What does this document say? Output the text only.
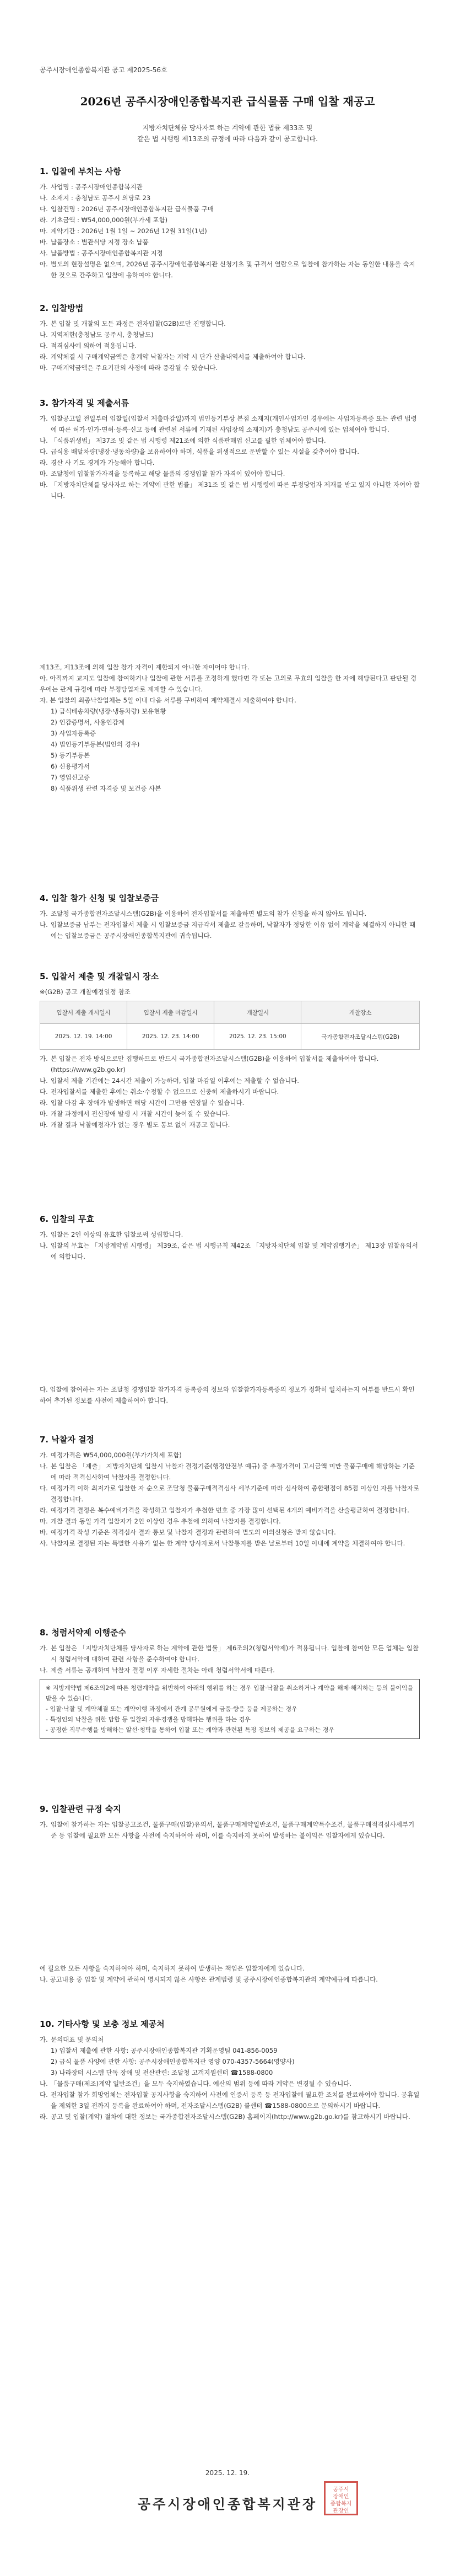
공주시장애인종합복지관 공고 제2025-56호
2026년 공주시장애인종합복지관 급식물품 구매 입찰 재공고
지방자치단체를 당사자로 하는 계약에 관한 법률 제33조 및
같은 법 시행령 제13조의 규정에 따라 다음과 같이 공고합니다.
1. 입찰에 부치는 사항
가. 사업명 : 공주시장애인종합복지관
나. 소재지 : 충청남도 공주시 의당로 23
다. 입찰건명 : 2026년 공주시장애인종합복지관 급식물품 구매
라. 기초금액 : ₩54,000,000원(부가세 포함)
마. 계약기간 : 2026년 1월 1일 ~ 2026년 12월 31일(1년)
바. 납품장소 : 별관식당 지정 장소 납품
사. 납품방법 : 공주시장애인종합복지관 지정
아. 별도의 현장설명은 없으며, 2026년 공주시장애인종합복지관 신청기초 및 규격서 열람으로 입찰에 참가하는 자는 동일한 내용을 숙지한 것으로 간주하고 입찰에 응하여야 합니다.
2. 입찰방법
가. 본 입찰 및 개찰의 모든 과정은 전자입찰(G2B)로만 진행합니다.
나. 지역제한(충청남도 공주시, 충청남도)
다. 적격심사에 의하여 적용됩니다.
라. 계약체결 시 구매계약금액은 총계약 낙찰자는 계약 시 단가 산출내역서를 제출하여야 합니다.
마. 구매계약금액은 주요기관의 사정에 따라 증감될 수 있습니다.
3. 참가자격 및 제출서류
가. 입찰공고일 전일부터 입찰일(입찰서 제출마감일)까지 법인등기부상 본점 소재지(개인사업자인 경우에는 사업자등록증 또는 관련 법령에 따른 허가·인가·면허·등록·신고 등에 관련된 서류에 기재된 사업장의 소재지)가 충청남도 공주시에 있는 업체여야 합니다.
나. 「식품위생법」 제37조 및 같은 법 시행령 제21조에 의한 식품판매업 신고를 필한 업체여야 합니다.
다. 급식용 배달차량(냉장·냉동차량)을 보유하여야 하며, 식품을 위생적으로 운반할 수 있는 시설을 갖추어야 합니다.
라. 경산 사 기도 경계가 가능해야 합니다.
마. 조달청에 입찰참가자격을 등록하고 해당 물품의 경쟁입찰 참가 자격이 있어야 합니다.
바. 「지방자치단체를 당사자로 하는 계약에 관한 법률」 제31조 및 같은 법 시행령에 따른 부정당업자 제재를 받고 있지 아니한 자여야 합니다.
제13조, 제13조에 의해 입찰 참가 자격이 제한되지 아니한 자이어야 합니다.
아. 아직까지 교지도 입찰에 참여하거나 입찰에 관한 서류를 조정하게 했다면 각 또는 고의로 무효의 입찰을 한 자에 해당된다고 판단될 경우에는 관계 규정에 따라 부정당업자로 제재할 수 있습니다.
자. 본 입찰의 최종낙찰업체는 5일 이내 다음 서류를 구비하여 계약체결시 제출하여야 합니다.
1) 급식배송차량(냉장·냉동차량) 보유현황
2) 인감증명서, 사용인감계
3) 사업자등록증
4) 법인등기부등본(법인의 경우)
5) 등기부등본
6) 신용평가서
7) 영업신고증
8) 식품위생 관련 자격증 및 보건증 사본
4. 입찰 참가 신청 및 입찰보증금
가. 조달청 국가종합전자조달시스템(G2B)을 이용하여 전자입찰서를 제출하면 별도의 참가 신청을 하지 않아도 됩니다.
나. 입찰보증금 납부는 전자입찰서 제출 시 입찰보증금 지급각서 제출로 갈음하며, 낙찰자가 정당한 이유 없이 계약을 체결하지 아니한 때에는 입찰보증금은 공주시장애인종합복지관에 귀속됩니다.
5. 입찰서 제출 및 개찰일시 장소
※(G2B) 공고 개찰예정일정 참조
입찰서 제출 개시일시	입찰서 제출 마감일시	개찰일시	개찰장소
2025. 12. 19. 14:00	2025. 12. 23. 14:00	2025. 12. 23. 15:00	국가종합전자조달시스템(G2B)
가. 본 입찰은 전자 방식으로만 집행하므로 반드시 국가종합전자조달시스템(G2B)을 이용하여 입찰서를 제출하여야 합니다. (https://www.g2b.go.kr)
나. 입찰서 제출 기간에는 24시간 제출이 가능하며, 입찰 마감일 이후에는 제출할 수 없습니다.
다. 전자입찰서를 제출한 후에는 취소·수정할 수 없으므로 신중히 제출하시기 바랍니다.
라. 입찰 마감 후 장애가 발생하면 해당 시간이 그만큼 연장될 수 있습니다.
마. 개찰 과정에서 전산장애 발생 시 개찰 시간이 늦어질 수 있습니다.
바. 개찰 결과 낙찰예정자가 없는 경우 별도 통보 없이 재공고 합니다.
6. 입찰의 무효
가. 입찰은 2인 이상의 유효한 입찰로써 성립합니다.
나. 입찰의 무효는 「지방계약법 시행령」 제39조, 같은 법 시행규칙 제42조 「지방자치단체 입찰 및 계약집행기준」 제13장 입찰유의서에 의합니다.
다. 입찰에 참여하는 자는 조달청 경쟁입찰 참가자격 등록증의 정보와 입찰참가자등록증의 정보가 정확히 일치하는지 여부를 반드시 확인하여 추가된 정보를 사전에 제출하여야 합니다.
7. 낙찰자 결정
가. 예정가격은 ₩54,000,000원(부가가치세 포함)
나. 본 입찰은 「제출」 지방자치단체 입찰시 낙찰자 결정기준(행정안전부 예규) 중 추정가격이 고시금액 미만 물품구매에 해당하는 기준에 따라 적격심사하여 낙찰자를 결정합니다.
다. 예정가격 이하 최저가로 입찰한 자 순으로 조달청 물품구매적격심사 세부기준에 따라 심사하여 종합평점이 85점 이상인 자를 낙찰자로 결정합니다.
라. 예정가격 결정은 복수예비가격을 작성하고 입찰자가 추첨한 번호 중 가장 많이 선택된 4개의 예비가격을 산술평균하여 결정합니다.
마. 개찰 결과 동일 가격 입찰자가 2인 이상인 경우 추첨에 의하여 낙찰자를 결정합니다.
바. 예정가격 작성 기준은 적격심사 결과 통보 및 낙찰자 결정과 관련하여 별도의 이의신청은 받지 않습니다.
사. 낙찰자로 결정된 자는 특별한 사유가 없는 한 계약 당사자로서 낙찰통지를 받은 날로부터 10일 이내에 계약을 체결하여야 합니다.
8. 청렴서약제 이행준수
가. 본 입찰은 「지방자치단체를 당사자로 하는 계약에 관한 법률」 제6조의2(청렴서약제)가 적용됩니다. 입찰에 참여한 모든 업체는 입찰 시 청렴서약에 대하여 관련 사항을 준수하여야 합니다.
나. 제출 서류는 공개하며 낙찰자 결정 이후 자세한 절차는 아래 청렴서약서에 따른다.
※ 지방계약법 제6조의2에 따른 청렴계약을 위반하여 아래의 행위를 하는 경우 입찰·낙찰을 취소하거나 계약을 해제·해지하는 등의 불이익을 받을 수 있습니다.
- 입찰·낙찰 및 계약체결 또는 계약이행 과정에서 관계 공무원에게 금품·향응 등을 제공하는 경우
- 특정인의 낙찰을 위한 담합 등 입찰의 자유경쟁을 방해하는 행위를 하는 경우
- 공정한 직무수행을 방해하는 알선·청탁을 통하여 입찰 또는 계약과 관련된 특정 정보의 제공을 요구하는 경우
9. 입찰관련 규정 숙지
가. 입찰에 참가하는 자는 입찰공고조건, 물품구매(입찰)유의서, 물품구매계약일반조건, 물품구매계약특수조건, 물품구매적격심사세부기준 등 입찰에 필요한 모든 사항을 사전에 숙지하여야 하며, 이를 숙지하지 못하여 발생하는 불이익은 입찰자에게 있습니다.
에 필요한 모든 사항을 숙지하여야 하며, 숙지하지 못하여 발생하는 책임은 입찰자에게 있습니다.
나. 공고내용 중 입찰 및 계약에 관하여 명시되지 않은 사항은 관계법령 및 공주시장애인종합복지관의 계약예규에 따릅니다.
10. 기타사항 및 보충 정보 제공처
가. 문의대표 및 문의처
1) 입찰서 제출에 관한 사항: 공주시장애인종합복지관 기획운영팀 041-856-0059
2) 급식 물품 사양에 관한 사항: 공주시장애인종합복지관 영양 070-4357-5664(영양사)
3) 나라장터 시스템 단독 장애 및 전산관련: 조달청 고객지원센터 ☎1588-0800
나. 「물품구매(제조)계약 일반조건」을 모두 숙지하였습니다. 예산의 범위 등에 따라 계약은 변경될 수 있습니다.
다. 전자입찰 참가 희망업체는 전자입찰 공지사항을 숙지하여 사전에 인증서 등록 등 전자입찰에 필요한 조치를 완료하여야 합니다. 공휴일을 제외한 3일 전까지 등록을 완료하여야 하며, 전자조달시스템(G2B) 콜센터 ☎1588-0800으로 문의하시기 바랍니다.
라. 공고 및 입찰(계약) 절차에 대한 정보는 국가종합전자조달시스템(G2B) 홈페이지(http://www.g2b.go.kr)를 참고하시기 바랍니다.
2025. 12. 19.
공주시장애인종합복지관장
공주시
장애인
종합복지
관장인
